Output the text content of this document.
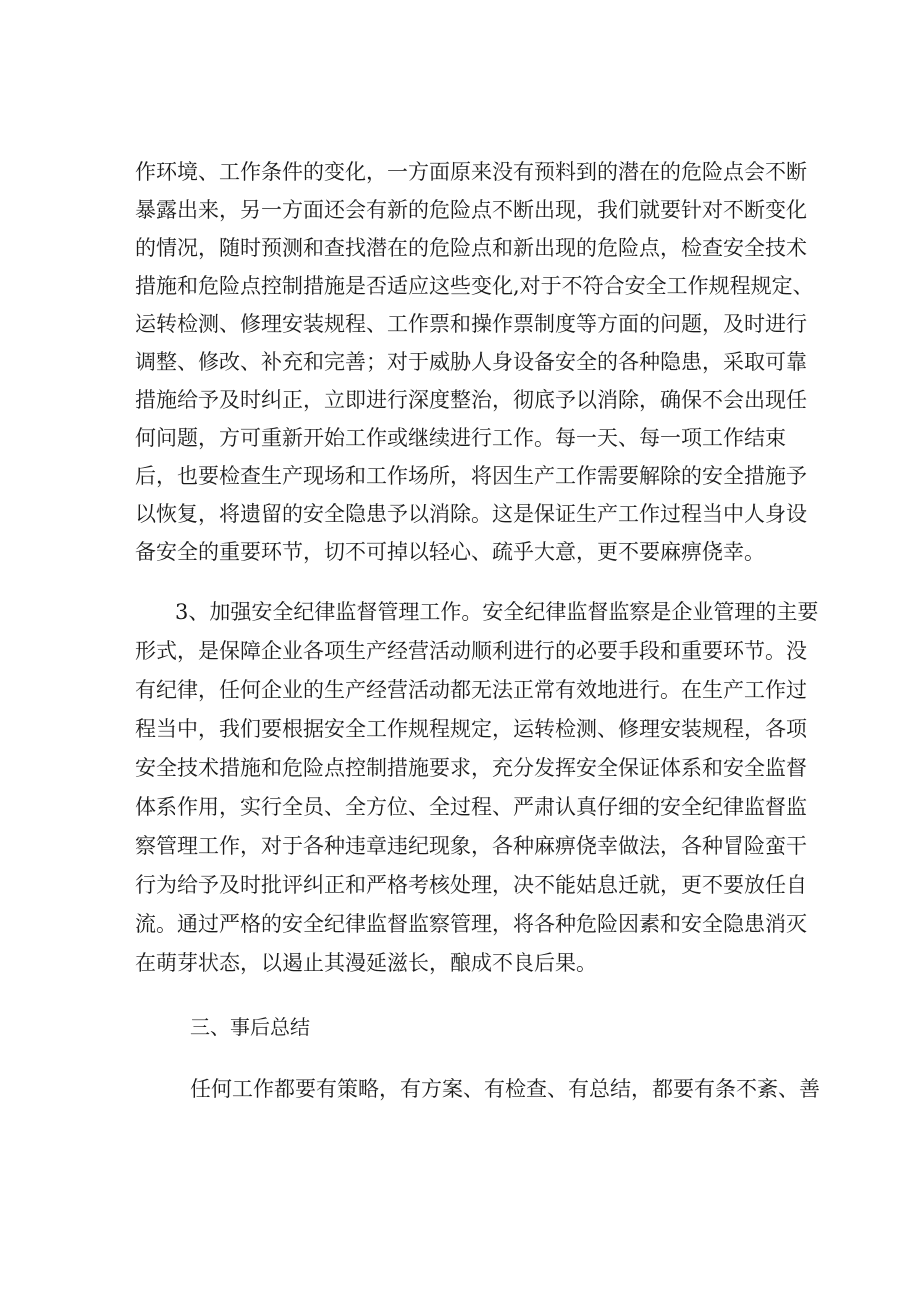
作环境、工作条件的变化，一方面原来没有预料到的潜在的危险点会不断
暴露出来，另一方面还会有新的危险点不断出现，我们就要针对不断变化
的情况，随时预测和查找潜在的危险点和新出现的危险点，检查安全技术
措施和危险点控制措施是否适应这些变化,对于不符合安全工作规程规定、
运转检测、修理安装规程、工作票和操作票制度等方面的问题，及时进行
调整、修改、补充和完善；对于威胁人身设备安全的各种隐患，采取可靠
措施给予及时纠正，立即进行深度整治，彻底予以消除，确保不会出现任
何问题，方可重新开始工作或继续进行工作。每一天、每一项工作结束
后，也要检查生产现场和工作场所，将因生产工作需要解除的安全措施予
以恢复，将遗留的安全隐患予以消除。这是保证生产工作过程当中人身设
备安全的重要环节，切不可掉以轻心、疏乎大意，更不要麻痹侥幸。
3、加强安全纪律监督管理工作。安全纪律监督监察是企业管理的主要
形式，是保障企业各项生产经营活动顺利进行的必要手段和重要环节。没
有纪律，任何企业的生产经营活动都无法正常有效地进行。在生产工作过
程当中，我们要根据安全工作规程规定，运转检测、修理安装规程，各项
安全技术措施和危险点控制措施要求，充分发挥安全保证体系和安全监督
体系作用，实行全员、全方位、全过程、严肃认真仔细的安全纪律监督监
察管理工作，对于各种违章违纪现象，各种麻痹侥幸做法，各种冒险蛮干
行为给予及时批评纠正和严格考核处理，决不能姑息迁就，更不要放任自
流。通过严格的安全纪律监督监察管理，将各种危险因素和安全隐患消灭
在萌芽状态，以遏止其漫延滋长，酿成不良后果。
三、事后总结
任何工作都要有策略，有方案、有检查、有总结，都要有条不紊、善
